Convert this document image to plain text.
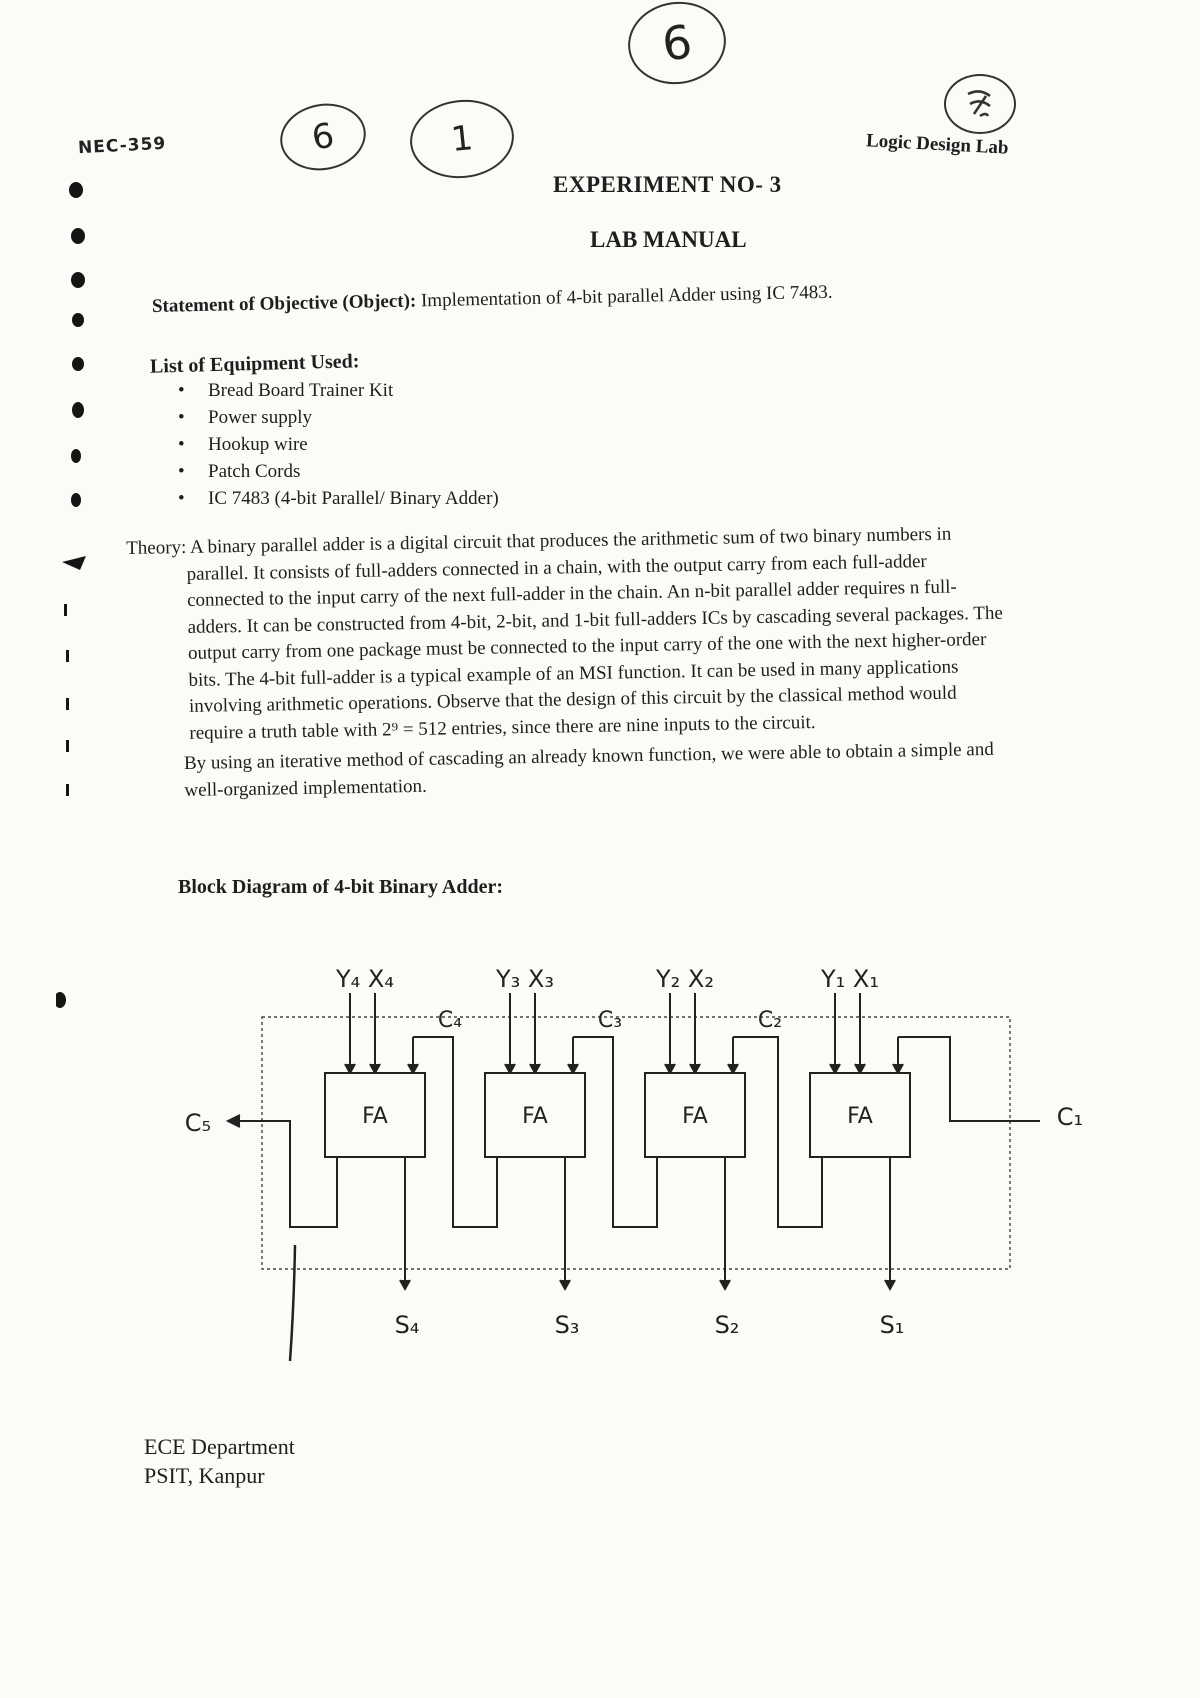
NEC-359
6
6	1	Logic Design Lab
EXPERIMENT NO- 3
LAB MANUAL
Statement of Objective (Object): Implementation of 4-bit parallel Adder using IC 7483.
List of Equipment Used:
• Bread Board Trainer Kit
• Power supply
• Hookup wire
• Patch Cords
• IC 7483 (4-bit Parallel/ Binary Adder)

Theory: A binary parallel adder is a digital circuit that produces the arithmetic sum of two binary numbers in parallel. It consists of full-adders connected in a chain, with the output carry from each full-adder connected to the input carry of the next full-adder in the chain. An n-bit parallel adder requires n full-adders. It can be constructed from 4-bit, 2-bit, and 1-bit full-adders ICs by cascading several packages. The output carry from one package must be connected to the input carry of the one with the next higher-order bits. The 4-bit full-adder is a typical example of an MSI function. It can be used in many applications involving arithmetic operations. Observe that the design of this circuit by the classical method would require a truth table with 2⁹ = 512 entries, since there are nine inputs to the circuit.

By using an iterative method of cascading an already known function, we were able to obtain a simple and well-organized implementation.

Block Diagram of 4-bit Binary Adder:
FA
Y₄ X₄
S₄
FA
Y₃ X₃
S₃
FA
Y₂ X₂
S₂
FA
Y₁ X₁
S₁
C₄	C₃	C₂
C₁
C₅
ECE Department
PSIT, Kanpur
